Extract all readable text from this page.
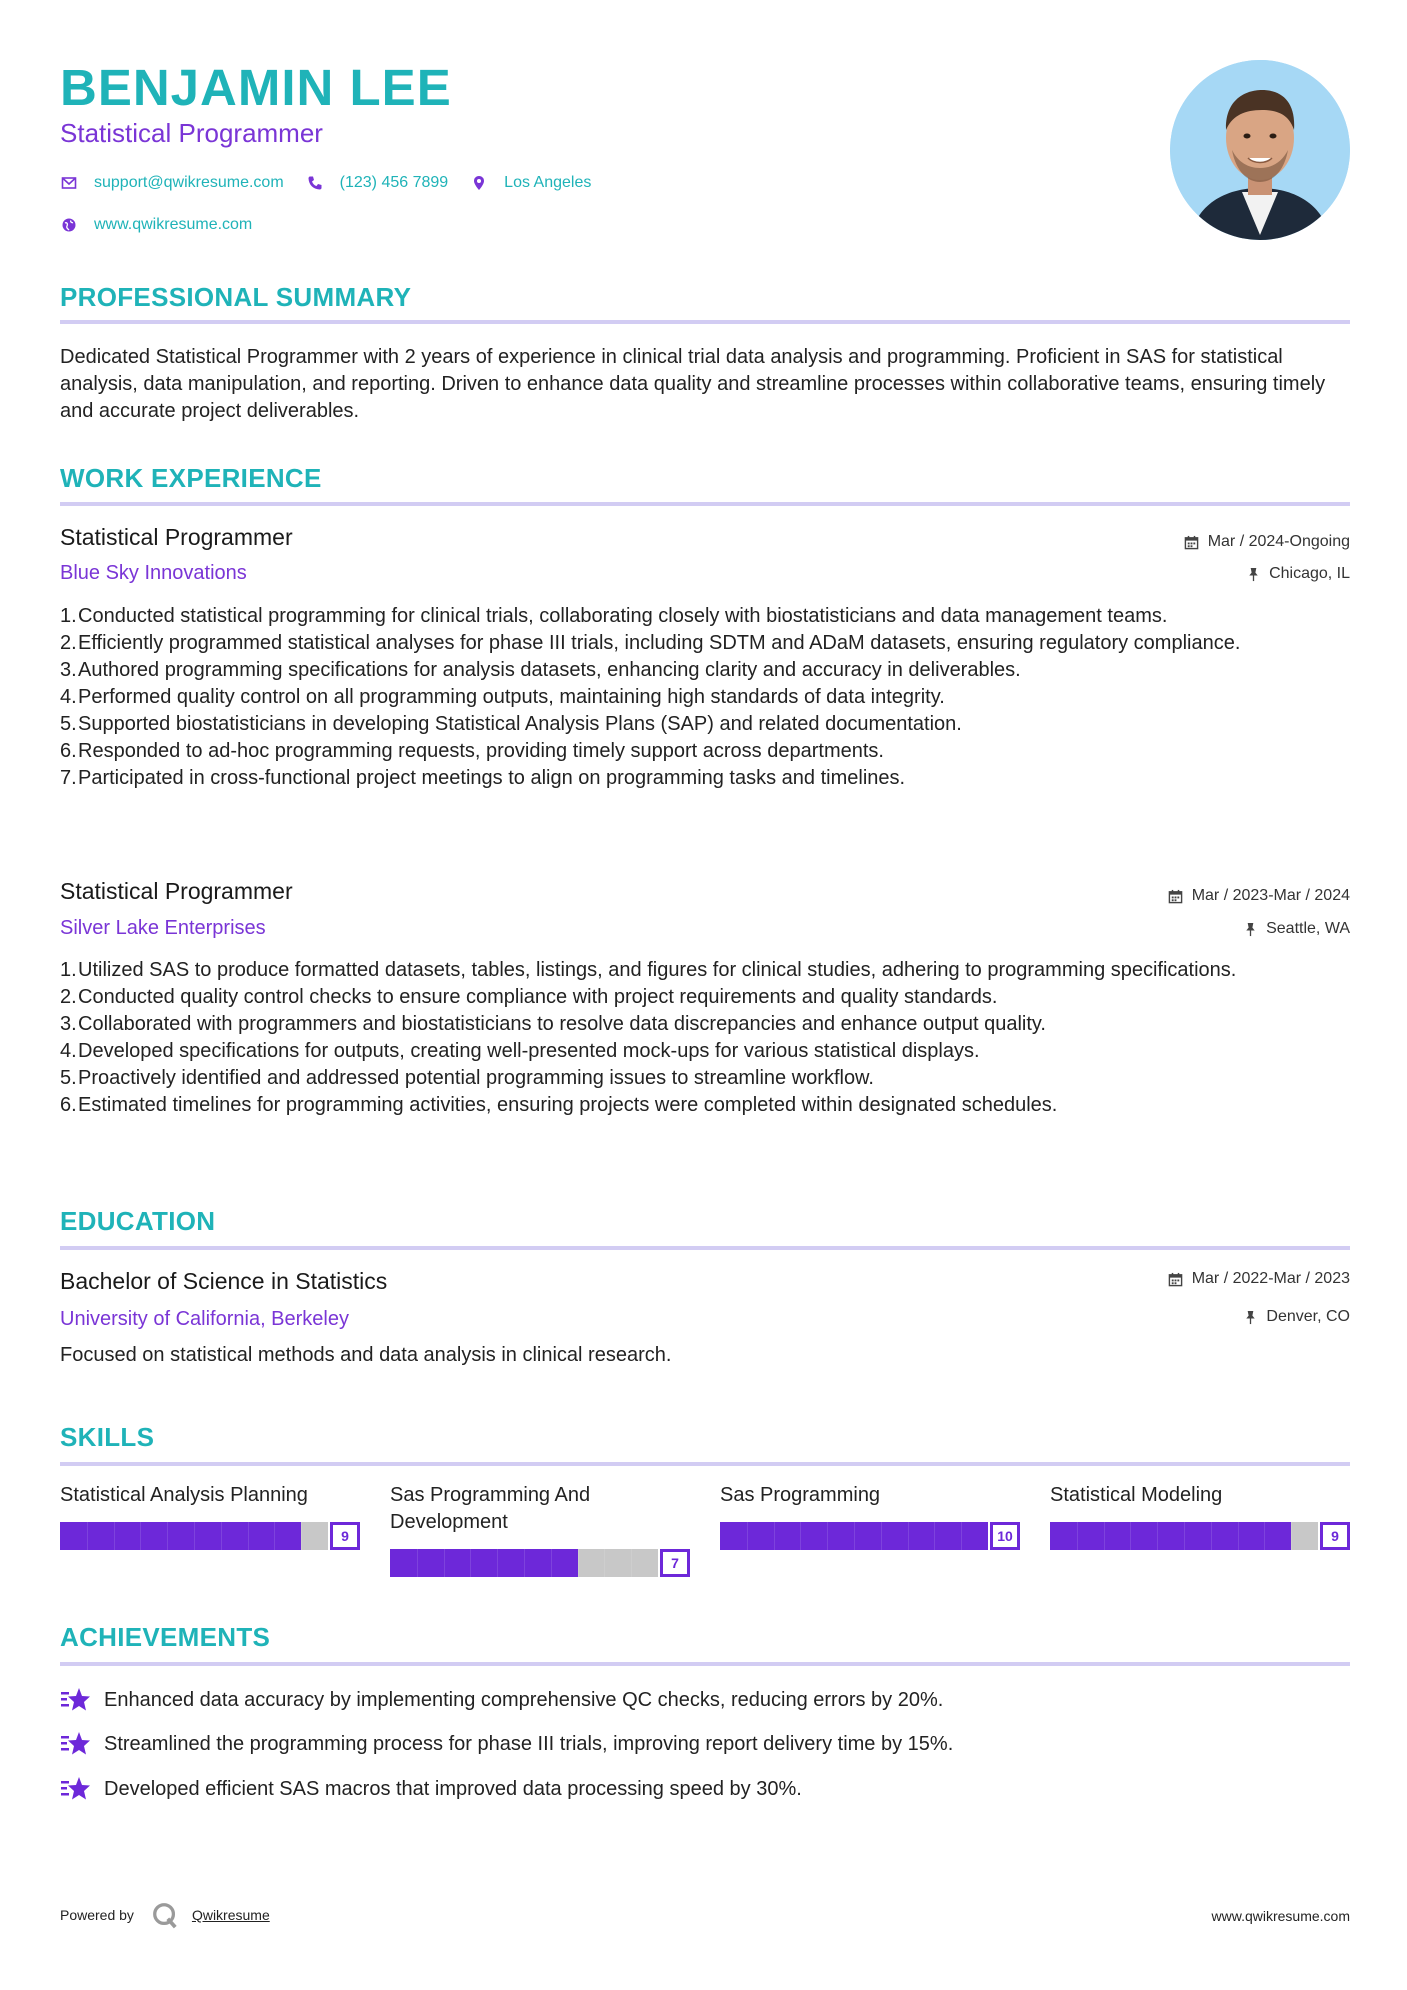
BENJAMIN LEE
Statistical Programmer
support@qwikresume.com	(123) 456 7899	Los Angeles
www.qwikresume.com
PROFESSIONAL SUMMARY
Dedicated Statistical Programmer with 2 years of experience in clinical trial data analysis and programming. Proficient in SAS for statistical analysis, data manipulation, and reporting. Driven to enhance data quality and streamline processes within collaborative teams, ensuring timely and accurate project deliverables.
WORK EXPERIENCE
Statistical Programmer
Blue Sky Innovations
Mar / 2024-Ongoing
Chicago, IL
1. Conducted statistical programming for clinical trials, collaborating closely with biostatisticians and data management teams.
2. Efficiently programmed statistical analyses for phase III trials, including SDTM and ADaM datasets, ensuring regulatory compliance.
3. Authored programming specifications for analysis datasets, enhancing clarity and accuracy in deliverables.
4. Performed quality control on all programming outputs, maintaining high standards of data integrity.
5. Supported biostatisticians in developing Statistical Analysis Plans (SAP) and related documentation.
6. Responded to ad-hoc programming requests, providing timely support across departments.
7. Participated in cross-functional project meetings to align on programming tasks and timelines.
Statistical Programmer
Silver Lake Enterprises
Mar / 2023-Mar / 2024
Seattle, WA
1. Utilized SAS to produce formatted datasets, tables, listings, and figures for clinical studies, adhering to programming specifications.
2. Conducted quality control checks to ensure compliance with project requirements and quality standards.
3. Collaborated with programmers and biostatisticians to resolve data discrepancies and enhance output quality.
4. Developed specifications for outputs, creating well-presented mock-ups for various statistical displays.
5. Proactively identified and addressed potential programming issues to streamline workflow.
6. Estimated timelines for programming activities, ensuring projects were completed within designated schedules.
EDUCATION
Bachelor of Science in Statistics
University of California, Berkeley
Mar / 2022-Mar / 2023
Denver, CO
Focused on statistical methods and data analysis in clinical research.
SKILLS
Statistical Analysis Planning
9
Sas Programming And Development
7
Sas Programming
10
Statistical Modeling
9
ACHIEVEMENTS
Enhanced data accuracy by implementing comprehensive QC checks, reducing errors by 20%.
Streamlined the programming process for phase III trials, improving report delivery time by 15%.
Developed efficient SAS macros that improved data processing speed by 30%.
Powered by	Qwikresume	www.qwikresume.com
